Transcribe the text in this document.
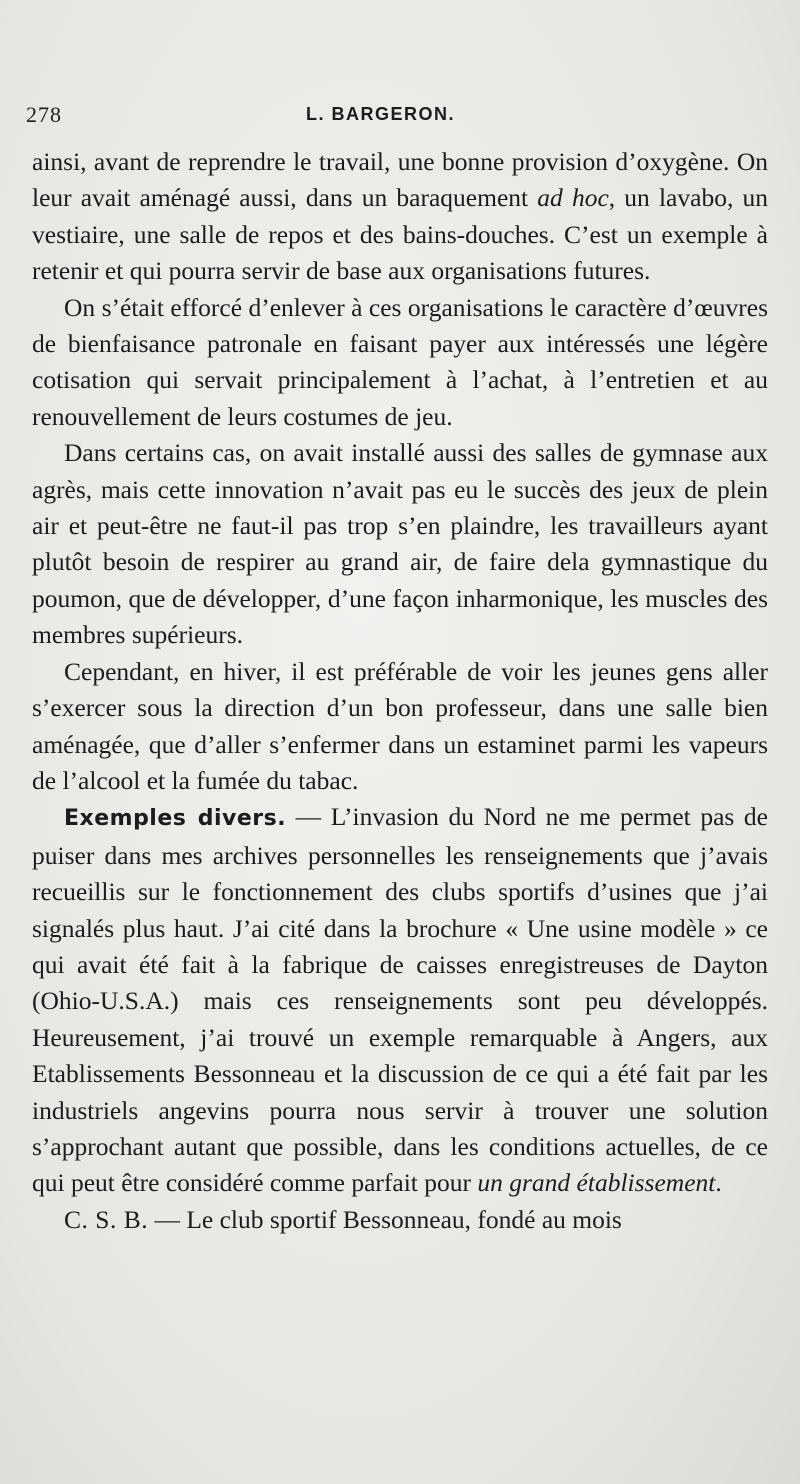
278	L. BARGERON.

ainsi, avant de reprendre le travail, une bonne provision d’oxygène. On leur avait aménagé aussi, dans un baraquement ad hoc, un lavabo, un vestiaire, une salle de repos et des bains-douches. C’est un exemple à retenir et qui pourra servir de base aux organisations futures.

On s’était efforcé d’enlever à ces organisations le caractère d’œuvres de bienfaisance patronale en faisant payer aux intéressés une légère cotisation qui servait principalement à l’achat, à l’entretien et au renouvellement de leurs costumes de jeu.

Dans certains cas, on avait installé aussi des salles de gymnase aux agrès, mais cette innovation n’avait pas eu le succès des jeux de plein air et peut-être ne faut-il pas trop s’en plaindre, les travailleurs ayant plutôt besoin de respirer au grand air, de faire dela gymnastique du poumon, que de développer, d’une façon inharmonique, les muscles des membres supérieurs.

Cependant, en hiver, il est préférable de voir les jeunes gens aller s’exercer sous la direction d’un bon professeur, dans une salle bien aménagée, que d’aller s’enfermer dans un estaminet parmi les vapeurs de l’alcool et la fumée du tabac.

Exemples divers. — L’invasion du Nord ne me permet pas de puiser dans mes archives personnelles les renseignements que j’avais recueillis sur le fonctionnement des clubs sportifs d’usines que j’ai signalés plus haut. J’ai cité dans la brochure « Une usine modèle » ce qui avait été fait à la fabrique de caisses enregistreuses de Dayton (Ohio-U.S.A.) mais ces renseignements sont peu développés. Heureusement, j’ai trouvé un exemple remarquable à Angers, aux Etablissements Bessonneau et la discussion de ce qui a été fait par les industriels angevins pourra nous servir à trouver une solution s’approchant autant que possible, dans les conditions actuelles, de ce qui peut être considéré comme parfait pour un grand établissement.

C. S. B. — Le club sportif Bessonneau, fondé au mois
